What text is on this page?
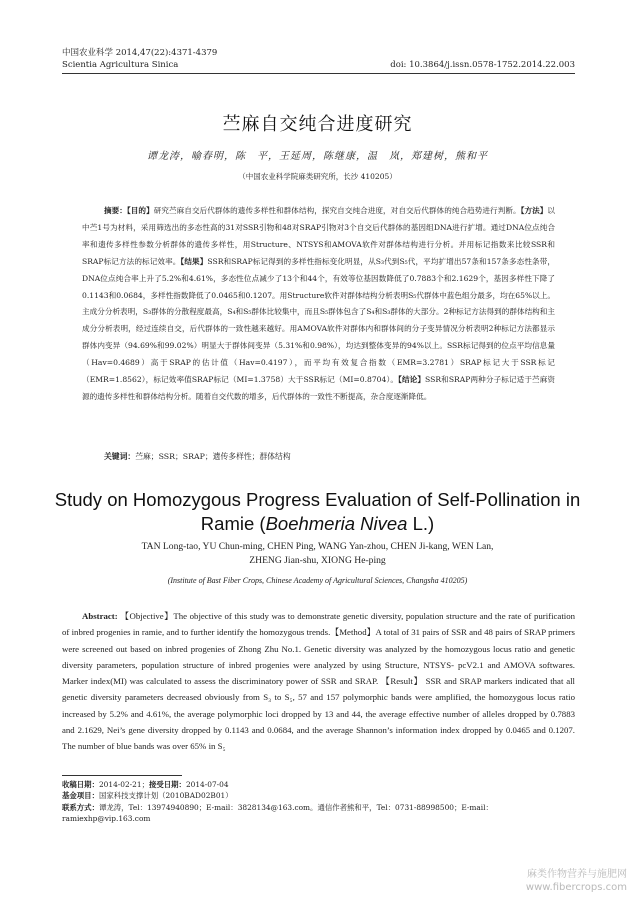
中国农业科学 2014,47(22):4371-4379
Scientia Agricultura Sinica	doi: 10.3864/j.issn.0578-1752.2014.22.003
苎麻自交纯合进度研究
谭龙涛，喻春明，陈　平，王延周，陈继康，温　岚，郑建树，熊和平
（中国农业科学院麻类研究所，长沙 410205）
摘要：【目的】研究苎麻自交后代群体的遗传多样性和群体结构，探究自交纯合进度，对自交后代群体的纯合趋势进行判断。【方法】以中苎1号为材料，采用筛选出的多态性高的31对SSR引物和48对SRAP引物对3个自交后代群体的基因组DNA进行扩增。通过DNA位点纯合率和遗传多样性参数分析群体的遗传多样性，用Structure、NTSYS和AMOVA软件对群体结构进行分析。并用标记指数来比较SSR和SRAP标记方法的标记效率。【结果】SSR和SRAP标记得到的多样性指标变化明显，从S₃代到S₅代，平均扩增出57条和157条多态性条带，DNA位点纯合率上升了5.2%和4.61%，多态性位点减少了13个和44个，有效等位基因数降低了0.7883个和2.1629个，基因多样性下降了0.1143和0.0684，多样性指数降低了0.0465和0.1207。用Structure软件对群体结构分析表明S₅代群体中蓝色组分最多，均在65%以上。主成分分析表明，S₃群体的分散程度最高，S₄和S₅群体比较集中，而且S₅群体包含了S₄和S₃群体的大部分。2种标记方法得到的群体结构和主成分分析表明，经过连续自交，后代群体的一致性越来越好。用AMOVA软件对群体内和群体间的分子变异情况分析表明2种标记方法都显示群体内变异（94.69%和99.02%）明显大于群体间变异（5.31%和0.98%），均达到整体变异的94%以上。SSR标记得到的位点平均信息量（Hav=0.4689）高于SRAP的估计值（Hav=0.4197），而平均有效复合指数（EMR=3.2781）SRAP标记大于SSR标记（EMR=1.8562），标记效率值SRAP标记（MI=1.3758）大于SSR标记（MI=0.8704）。【结论】SSR和SRAP两种分子标记适于苎麻资源的遗传多样性和群体结构分析。随着自交代数的增多，后代群体的一致性不断提高，杂合度逐渐降低。
关键词：苎麻；SSR；SRAP；遗传多样性；群体结构
Study on Homozygous Progress Evaluation of Self-Pollination in Ramie (Boehmeria Nivea L.)
TAN Long-tao, YU Chun-ming, CHEN Ping, WANG Yan-zhou, CHEN Ji-kang, WEN Lan,
ZHENG Jian-shu, XIONG He-ping
(Institute of Bast Fiber Crops, Chinese Academy of Agricultural Sciences, Changsha 410205)
Abstract: 【Objective】The objective of this study was to demonstrate genetic diversity, population structure and the rate of purification of inbred progenies in ramie, and to further identify the homozygous trends.【Method】A total of 31 pairs of SSR and 48 pairs of SRAP primers were screened out based on inbred progenies of Zhong Zhu No.1. Genetic diversity was analyzed by the homozygous locus ratio and genetic diversity parameters, population structure of inbred progenies were analyzed by using Structure, NTSYS- pcV2.1 and AMOVA softwares. Marker index(MI) was calculated to assess the discriminatory power of SSR and SRAP. 【Result】 SSR and SRAP markers indicated that all genetic diversity parameters decreased obviously from S₃ to S₅, 57 and 157 polymorphic bands were amplified, the homozygous locus ratio increased by 5.2% and 4.61%, the average polymorphic loci dropped by 13 and 44, the average effective number of alleles dropped by 0.7883 and 2.1629, Nei’s gene diversity dropped by 0.1143 and 0.0684, and the average Shannon’s information index dropped by 0.0465 and 0.1207. The number of blue bands was over 65% in S₅
收稿日期：2014-02-21；接受日期：2014-07-04
基金项目：国家科技支撑计划（2010BAD02B01）
联系方式：谭龙涛，Tel：13974940890；E-mail：3828134@163.com。通信作者熊和平，Tel：0731-88998500；E-mail：ramiexhp@vip.163.com
麻类作物营养与施肥网
www.fibercrops.com
